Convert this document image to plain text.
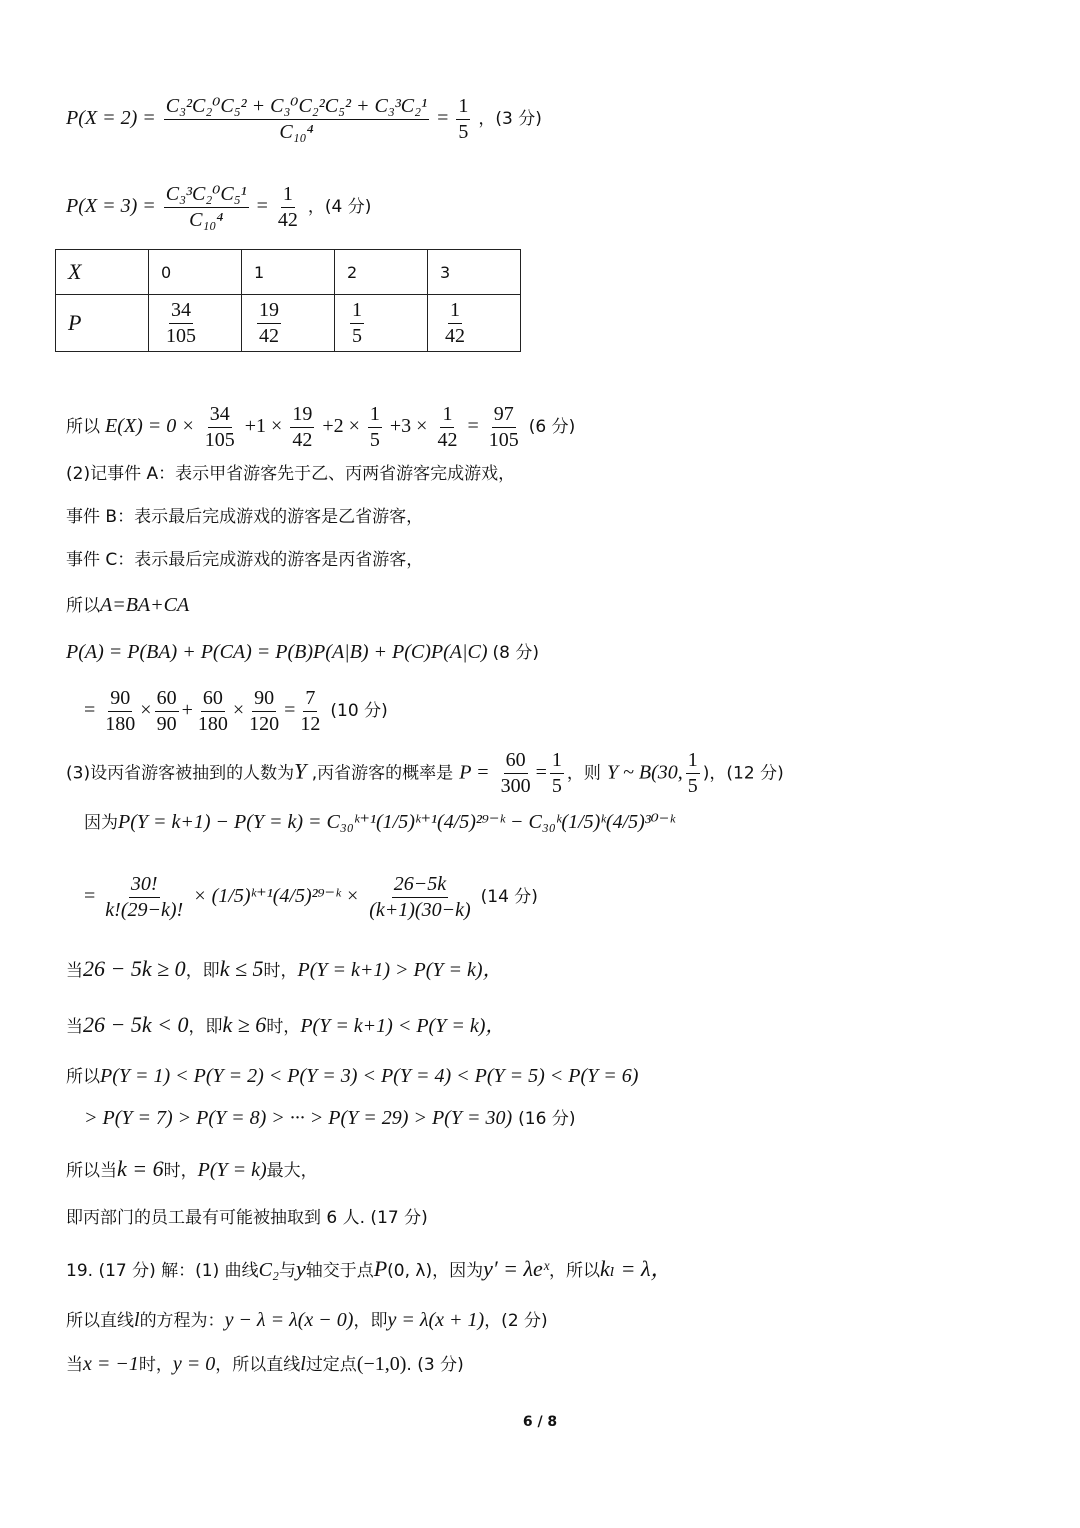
$P(X = 2) = \frac{\text{C₃²C₂⁰C₅² + C₃⁰C₂²C₅² + C₃³C₂¹}}{\text{C₁₀⁴}} = \frac{1}{5}$ ，(3 分)
$P(X = 3) = \frac{\text{C₃³C₂⁰C₅¹}}{\text{C₁₀⁴}} = \frac{1}{42}$ ，(4 分)
X	0	1	2	3
P	$\frac{34}{105}$	$\frac{19}{42}$	$\frac{1}{5}$	$\frac{1}{42}$
所以 $E(X) = 0 \times \frac{34}{105} +1 \times \frac{19}{42} +2 \times \frac{1}{5} +3 \times \frac{1}{42} = \frac{97}{105} (6$ 分)
(2)记事件 A：表示甲省游客先于乙、丙两省游客完成游戏，
事件 B：表示最后完成游戏的游客是乙省游客，
事件 C：表示最后完成游戏的游客是丙省游客，
所以A=BA+CA
P(A) = P(BA) + P(CA) = P(B)P(A|B) + P(C)P(A|C) (8 分)
= $\frac{90}{180} \times \frac{60}{90} + \frac{60}{180} \times \frac{90}{120} = \frac{7}{12} (10$ 分)
(3)设丙省游客被抽到的人数为Y ,丙省游客的概率是 $P = \frac{60}{300} = \frac{1}{5}$ ，则 Y ~ B(30, $\frac{1}{5}$ )，(12 分)
因为P(Y = k+1) − P(Y = k) = C₃₀ᵏ⁺¹(1/5)ᵏ⁺¹(4/5)²⁹⁻ᵏ − C₃₀ᵏ(1/5)ᵏ(4/5)³⁰⁻ᵏ
= $\frac{30!}{k!(29-k)!}$ × (1/5)ᵏ⁺¹(4/5)²⁹⁻ᵏ × $\frac{26-5k}{(k+1)(30-k)} (14$ 分)
当26 − 5k ≥ 0，即k ≤ 5时，P(Y = k+1) > P(Y = k)，
当26 − 5k < 0，即k ≥ 6时，P(Y = k+1) < P(Y = k)，
所以P(Y = 1) < P(Y = 2) < P(Y = 3) < P(Y = 4) < P(Y = 5) < P(Y = 6)
> P(Y = 7) > P(Y = 8) > ··· > P(Y = 29) > P(Y = 30) (16 分)
所以当k = 6时，P(Y = k)最大，
即丙部门的员工最有可能被抽取到 6 人. (17 分)
19. (17 分) 解：(1) 曲线C₂与y轴交于点P(0, λ)，因为y′ = λeˣ，所以kₗ = λ，
所以直线l的方程为：y − λ = λ(x − 0)，即y = λ(x + 1)，(2 分)
当x = −1时，y = 0，所以直线l过定点(−1,0). (3 分)
6 / 8
